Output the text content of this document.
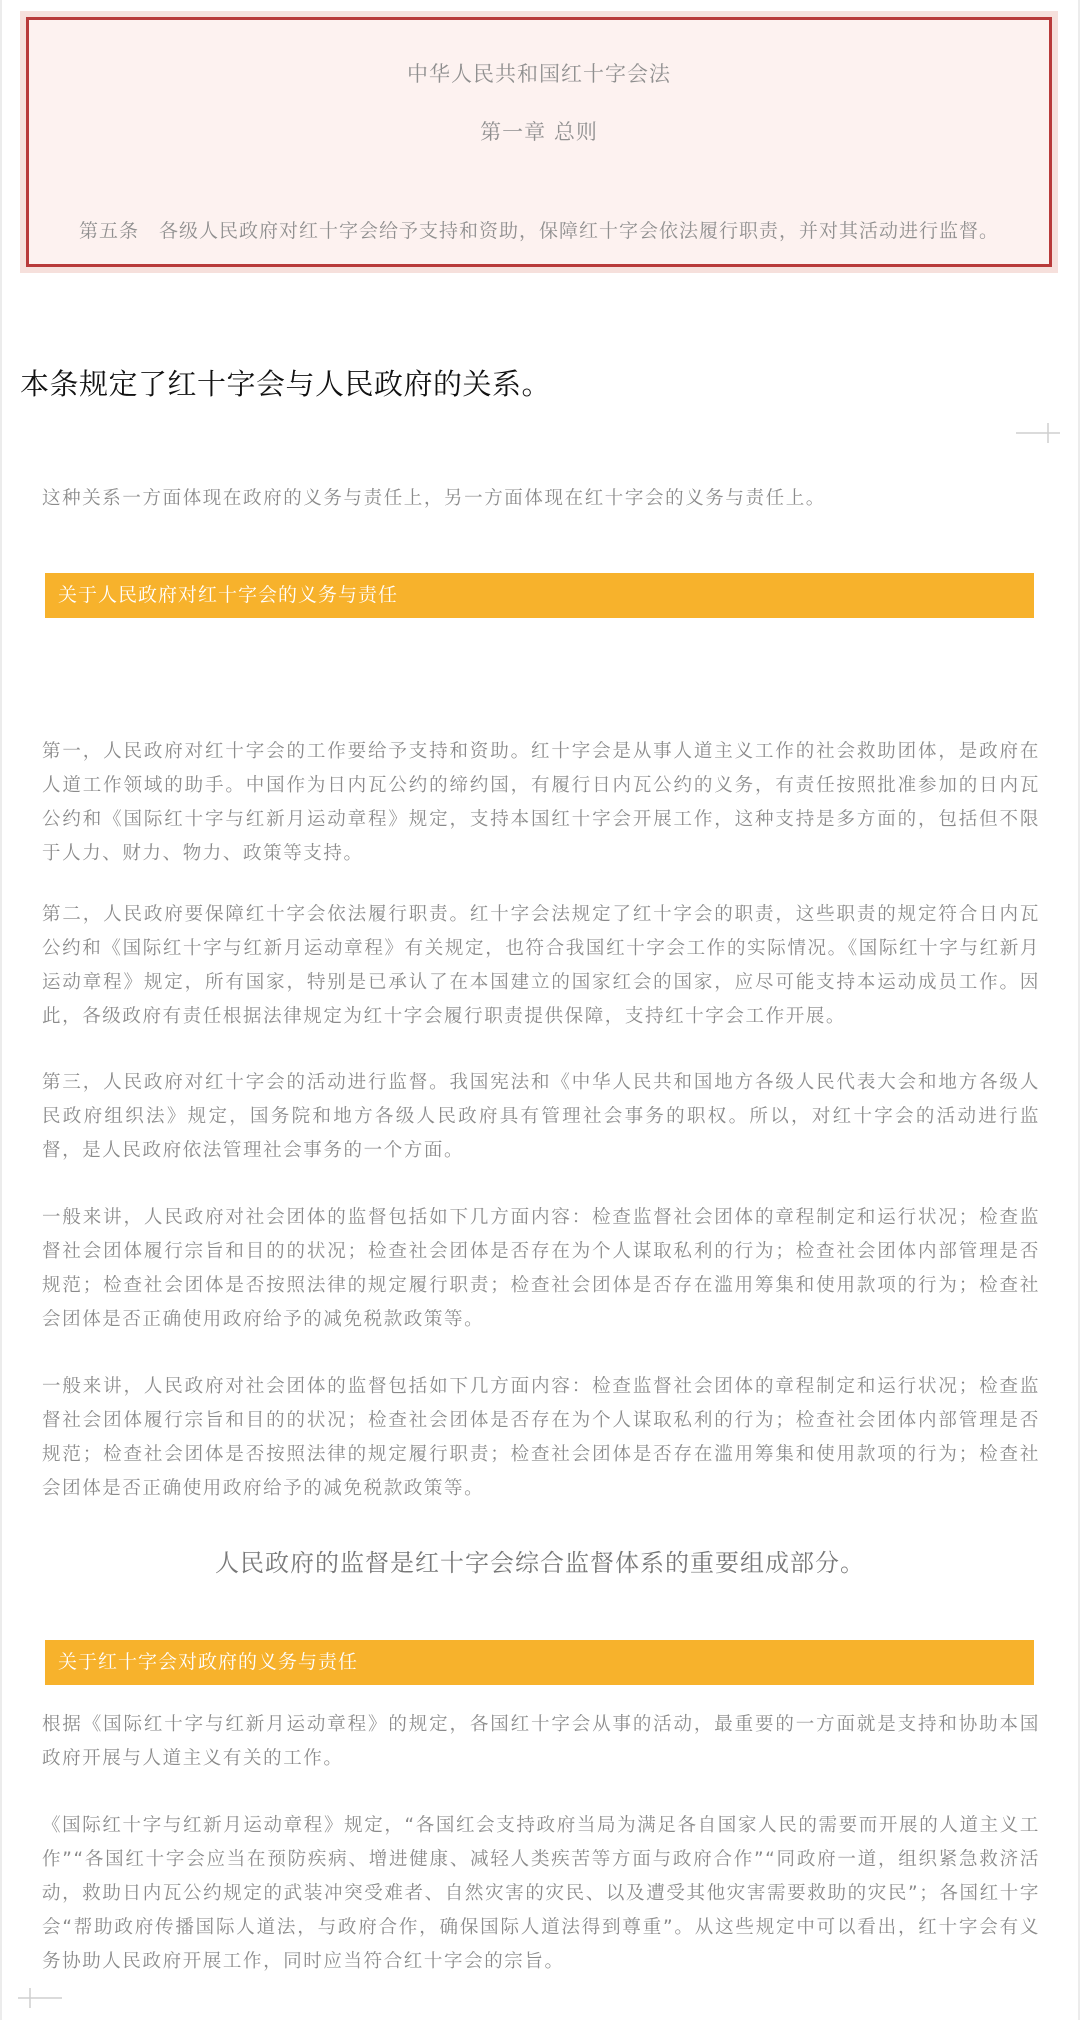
中华人民共和国红十字会法
第一章 总则
第五条　各级人民政府对红十字会给予支持和资助，保障红十字会依法履行职责，并对其活动进行监督。
本条规定了红十字会与人民政府的关系。

这种关系一方面体现在政府的义务与责任上，另一方面体现在红十字会的义务与责任上。

关于人民政府对红十字会的义务与责任

第一，人民政府对红十字会的工作要给予支持和资助。红十字会是从事人道主义工作的社会救助团体，是政府在人道工作领域的助手。中国作为日内瓦公约的缔约国，有履行日内瓦公约的义务，有责任按照批准参加的日内瓦公约和《国际红十字与红新月运动章程》规定，支持本国红十字会开展工作，这种支持是多方面的，包括但不限于人力、财力、物力、政策等支持。

第二，人民政府要保障红十字会依法履行职责。红十字会法规定了红十字会的职责，这些职责的规定符合日内瓦公约和《国际红十字与红新月运动章程》有关规定，也符合我国红十字会工作的实际情况。《国际红十字与红新月运动章程》规定，所有国家，特别是已承认了在本国建立的国家红会的国家，应尽可能支持本运动成员工作。因此，各级政府有责任根据法律规定为红十字会履行职责提供保障，支持红十字会工作开展。

第三，人民政府对红十字会的活动进行监督。我国宪法和《中华人民共和国地方各级人民代表大会和地方各级人民政府组织法》规定，国务院和地方各级人民政府具有管理社会事务的职权。所以，对红十字会的活动进行监督，是人民政府依法管理社会事务的一个方面。

一般来讲，人民政府对社会团体的监督包括如下几方面内容：检查监督社会团体的章程制定和运行状况；检查监督社会团体履行宗旨和目的的状况；检查社会团体是否存在为个人谋取私利的行为；检查社会团体内部管理是否规范；检查社会团体是否按照法律的规定履行职责；检查社会团体是否存在滥用筹集和使用款项的行为；检查社会团体是否正确使用政府给予的减免税款政策等。

一般来讲，人民政府对社会团体的监督包括如下几方面内容：检查监督社会团体的章程制定和运行状况；检查监督社会团体履行宗旨和目的的状况；检查社会团体是否存在为个人谋取私利的行为；检查社会团体内部管理是否规范；检查社会团体是否按照法律的规定履行职责；检查社会团体是否存在滥用筹集和使用款项的行为；检查社会团体是否正确使用政府给予的减免税款政策等。

人民政府的监督是红十字会综合监督体系的重要组成部分。
关于红十字会对政府的义务与责任

根据《国际红十字与红新月运动章程》的规定，各国红十字会从事的活动，最重要的一方面就是支持和协助本国政府开展与人道主义有关的工作。

《国际红十字与红新月运动章程》规定，“各国红会支持政府当局为满足各自国家人民的需要而开展的人道主义工作”“各国红十字会应当在预防疾病、增进健康、减轻人类疾苦等方面与政府合作”“同政府一道，组织紧急救济活动，救助日内瓦公约规定的武装冲突受难者、自然灾害的灾民、以及遭受其他灾害需要救助的灾民”；各国红十字会“帮助政府传播国际人道法，与政府合作，确保国际人道法得到尊重”。从这些规定中可以看出，红十字会有义务协助人民政府开展工作，同时应当符合红十字会的宗旨。
